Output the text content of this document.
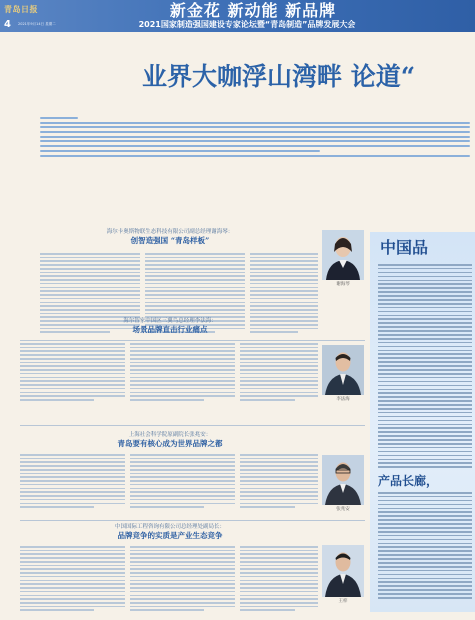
青岛日报
4 2021年9月14日 星期二
新金花 新动能 新品牌
2021国家制造强国建设专家论坛暨“青岛制造”品牌发展大会
业界大咖浮山湾畔 论道“
海尔卡奥斯物联生态科技有限公司副总经理谢海琴：
创智造强国 “青岛样板”
谢海琴
海尔智家中国区三翼鸟总经理李法海：
场景品牌直击行业痛点
李法海
上海社会科学院原副院长张兆安：
青岛要有核心成为世界品牌之都
张兆安
中国国际工程咨询有限公司总经理处副局长：
品牌竞争的实质是产业生态竞争
王梓
中国品
产品长廊，
